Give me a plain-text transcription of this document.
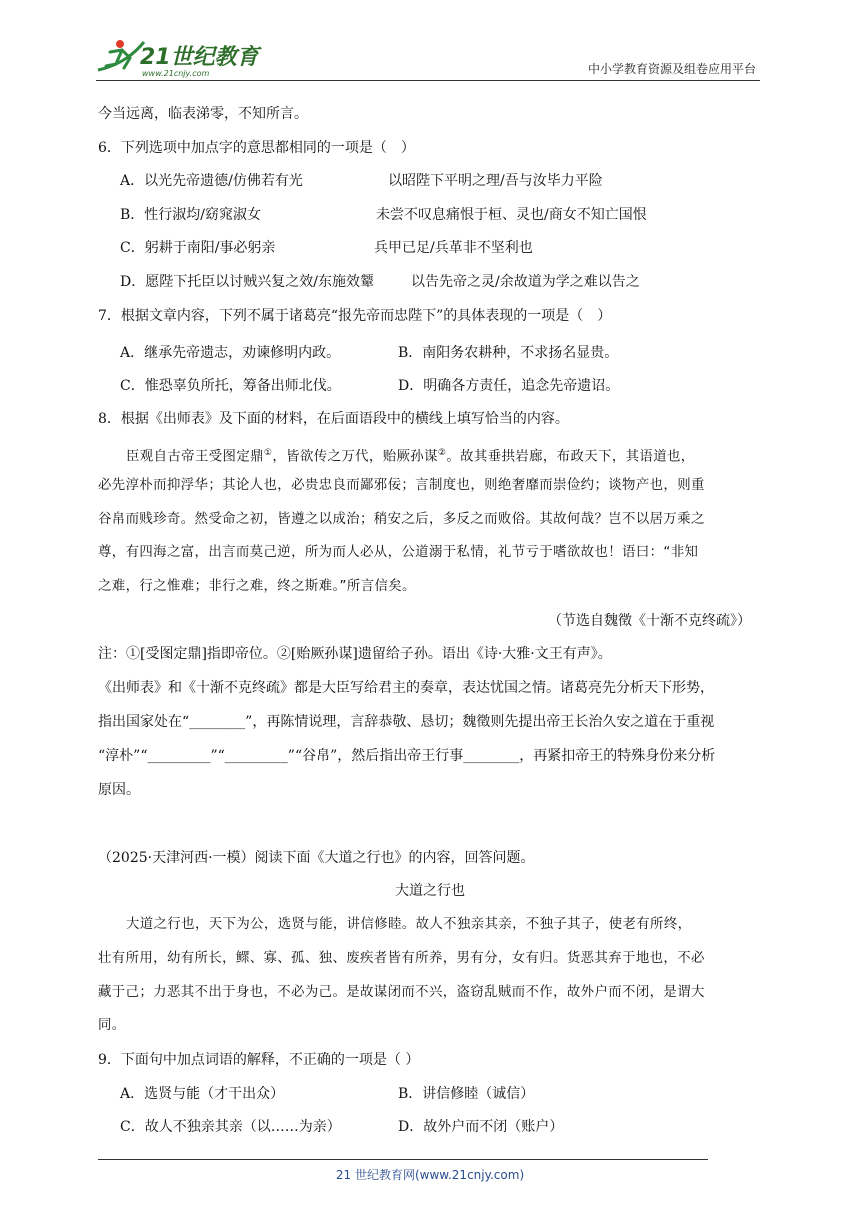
21世纪教育
www.21cnjy.com	中小学教育资源及组卷应用平台
今当远离，临表涕零，不知所言。
6．下列选项中加点字的意思都相同的一项是（　）
A．以光先帝遗德/仿佛若有光	以昭陛下平明之理/吾与汝毕力平险
B．性行淑均/窈窕淑女	未尝不叹息痛恨于桓、灵也/商女不知亡国恨
C．躬耕于南阳/事必躬亲	兵甲已足/兵革非不坚利也
D．愿陛下托臣以讨贼兴复之效/东施效颦	以告先帝之灵/余故道为学之难以告之
7．根据文章内容，下列不属于诸葛亮“报先帝而忠陛下”的具体表现的一项是（　）
A．继承先帝遗志，劝谏修明内政。	B．南阳务农耕种，不求扬名显贵。
C．惟恐辜负所托，筹备出师北伐。	D．明确各方责任，追念先帝遗诏。
8．根据《出师表》及下面的材料，在后面语段中的横线上填写恰当的内容。
臣观自古帝王受图定鼎①，皆欲传之万代，贻厥孙谋②。故其垂拱岩廊，布政天下，其语道也，
必先淳朴而抑浮华；其论人也，必贵忠良而鄙邪佞；言制度也，则绝奢靡而崇俭约；谈物产也，则重
谷帛而贱珍奇。然受命之初，皆遵之以成治；稍安之后，多反之而败俗。其故何哉？岂不以居万乘之
尊，有四海之富，出言而莫己逆，所为而人必从，公道溺于私情，礼节亏于嗜欲故也！语曰：“非知
之难，行之惟难；非行之难，终之斯难。”所言信矣。
（节选自魏徵《十渐不克终疏》）
注：①[受图定鼎]指即帝位。②[贻厥孙谋]遗留给子孙。语出《诗·大雅·文王有声》。
《出师表》和《十渐不克终疏》都是大臣写给君主的奏章，表达忧国之情。诸葛亮先分析天下形势，
指出国家处在“________”，再陈情说理，言辞恭敬、恳切；魏徵则先提出帝王长治久安之道在于重视
“淳朴”“_________”“_________”“谷帛”，然后指出帝王行事________，再紧扣帝王的特殊身份来分析
原因。
（2025·天津河西·一模）阅读下面《大道之行也》的内容，回答问题。
大道之行也
大道之行也，天下为公，选贤与能，讲信修睦。故人不独亲其亲，不独子其子，使老有所终，
壮有所用，幼有所长，鳏、寡、孤、独、废疾者皆有所养，男有分，女有归。货恶其弃于地也，不必
藏于己；力恶其不出于身也，不必为己。是故谋闭而不兴，盗窃乱贼而不作，故外户而不闭，是谓大
同。
9．下面句中加点词语的解释，不正确的一项是（ ）
A．选贤与能（才干出众）	B．讲信修睦（诚信）
C．故人不独亲其亲（以……为亲）	D．故外户而不闭（账户）
21 世纪教育网(www.21cnjy.com)
